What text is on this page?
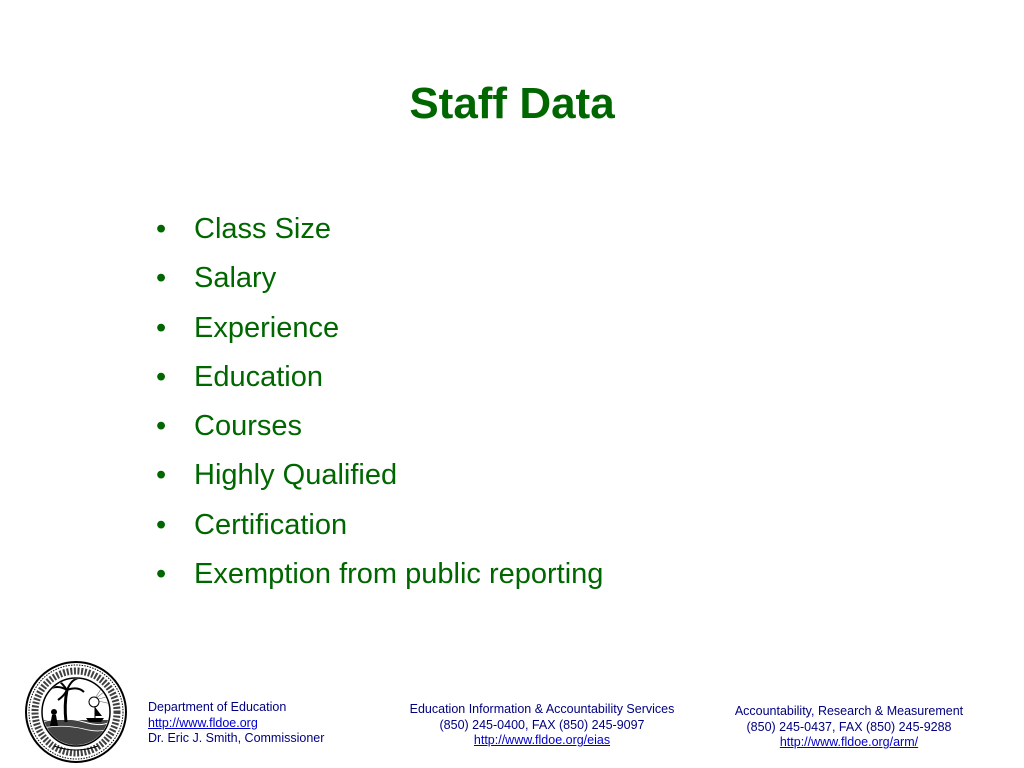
Staff Data
• Class Size
• Salary
• Experience
• Education
• Courses
• Highly Qualified
• Certification
• Exemption from public reporting
Department of Education
http://www.fldoe.org
Dr. Eric J. Smith, Commissioner
Education Information & Accountability Services
(850) 245-0400, FAX (850) 245-9097
http://www.fldoe.org/eias
Accountability, Research & Measurement
(850) 245-0437, FAX (850) 245-9288
http://www.fldoe.org/arm/
